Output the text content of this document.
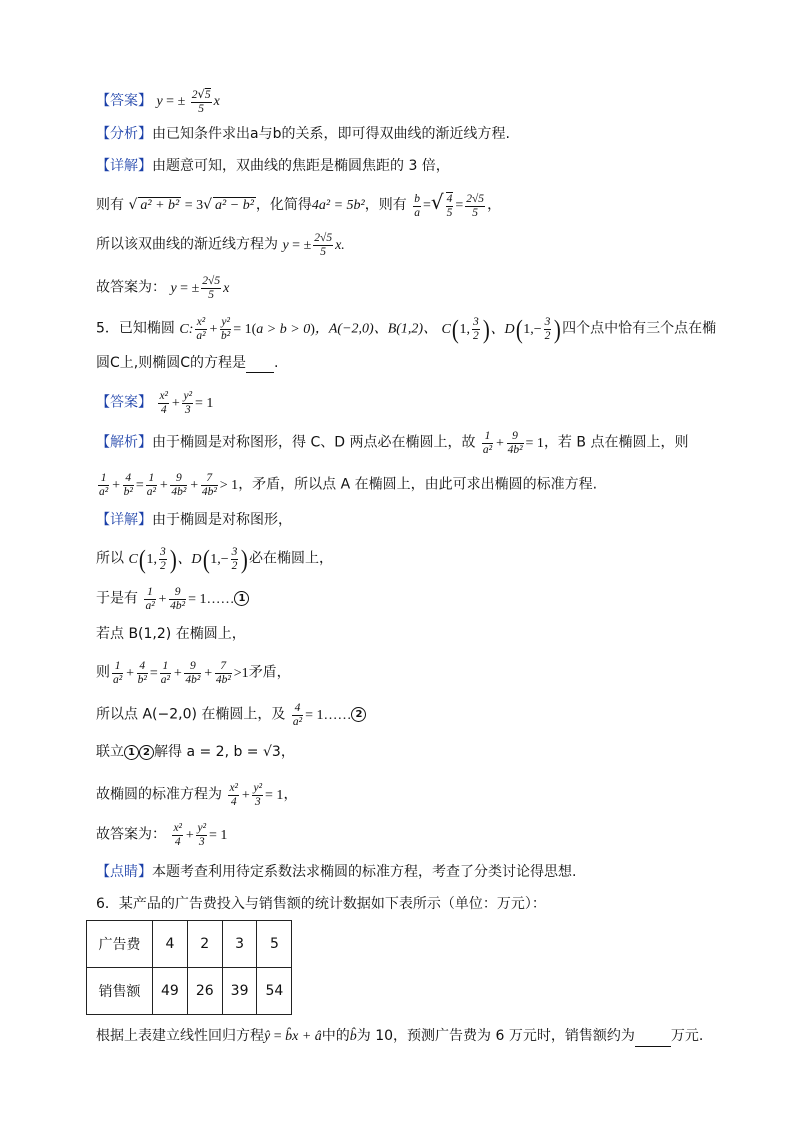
【答案】 y = ± $\frac{2√5}{5}$ x
【分析】由已知条件求出a与b的关系，即可得双曲线的渐近线方程.
【详解】由题意可知，双曲线的焦距是椭圆焦距的 3 倍，
则有 √ a² + b² = 3√ a² − b² ，化简得4a² = 5b²，则有 $\frac{b}{a}$ =√ $\frac{4}{5} = \frac{2√5}{5}$ ，
所以该双曲线的渐近线方程为 y = ± $\frac{2√5}{5} x$.
故答案为： y = ± $\frac{2√5}{5}$ x
5．已知椭圆 C: $\frac{\text{x²}}{\text{a²}} + \frac{\text{y²}}{\text{b²}} = 1(a > b > 0)$，A(−2,0)、B(1,2)、 C(1, $\frac{3}{2}$ )、$D(1,- \frac{3}{2}$ )四个点中恰有三个点在椭
圆C上,则椭圆C的方程是 .
【答案】 $\frac{\text{x²}}{4} + \frac{\text{y²}}{3} = 1$
【解析】由于椭圆是对称图形，得 C、D 两点必在椭圆上，故 $\frac{1}{\text{a²}} + \frac{9}{\text{4b²}} = 1$，若 B 点在椭圆上，则
$\frac{1}{\text{a²}} + \frac{4}{\text{b²}} = \frac{1}{\text{a²}} + \frac{9}{\text{4b²}} + \frac{7}{\text{4b²}} > 1$，矛盾，所以点 A 在椭圆上，由此可求出椭圆的标准方程.
【详解】由于椭圆是对称图形，
所以 C(1, $\frac{3}{2}$ )、$D(1,- \frac{3}{2}$ )必在椭圆上，
于是有 $\frac{1}{\text{a²}} + \frac{9}{\text{4b²}}$ = 1…… 1
若点 B(1,2) 在椭圆上，
则 $\frac{1}{\text{a²}} + \frac{4}{\text{b²}} = \frac{1}{\text{a²}} + \frac{9}{\text{4b²}} + \frac{7}{\text{4b²}} >1$矛盾，
所以点 A(−2,0) 在椭圆上，及 $\frac{4}{\text{a²}}$ = 1…… 2
联立 1 2 解得 a = 2, b = √3，
故椭圆的标准方程为 $\frac{\text{x²}}{4} + \frac{\text{y²}}{3} = 1$，
故答案为： $\frac{\text{x²}}{4} + \frac{\text{y²}}{3} = 1$
【点睛】本题考查利用待定系数法求椭圆的标准方程，考查了分类讨论得思想.
6．某产品的广告费投入与销售额的统计数据如下表所示（单位：万元）：
广告费	4	2	3	5
销售额	49	26	39	54
根据上表建立线性回归方程ŷ = b̂x + â中的b̂为 10，预测广告费为 6 万元时，销售额约为	万元.
